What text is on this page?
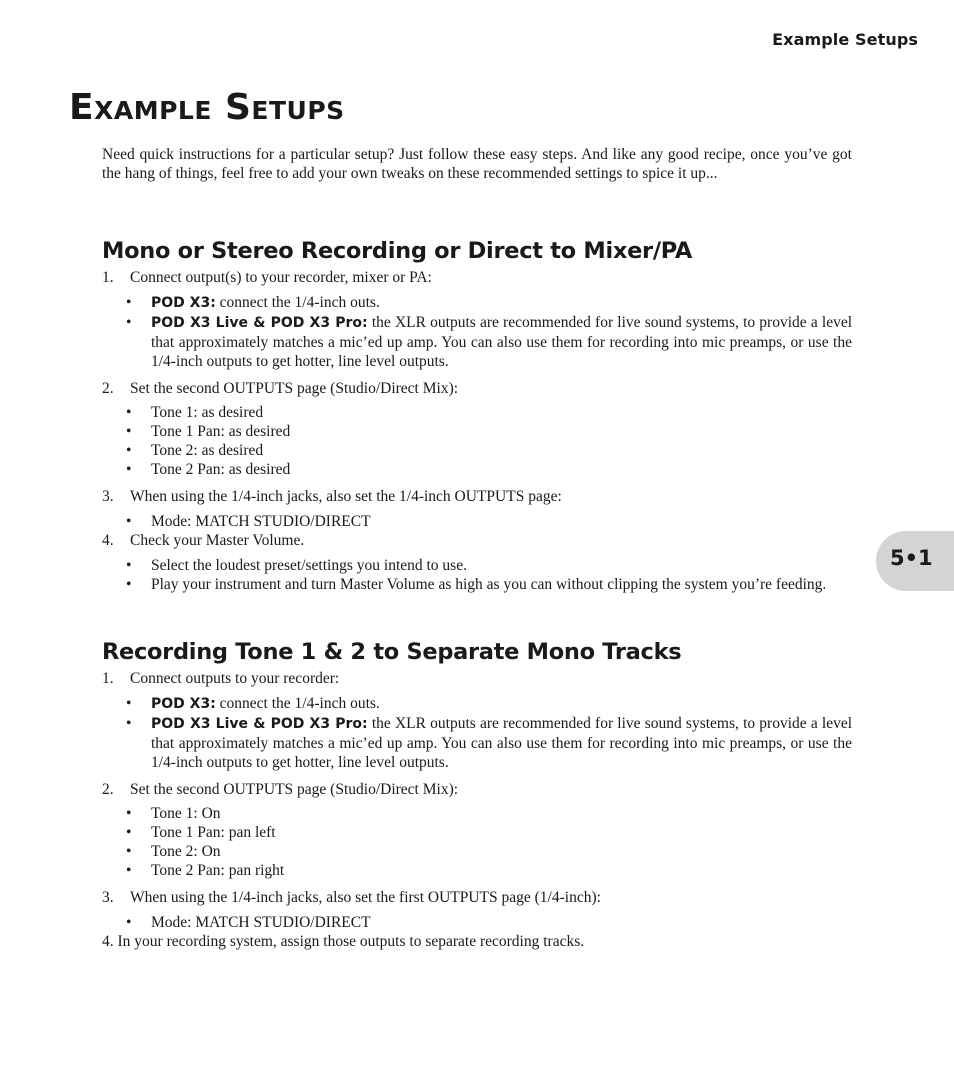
Example Setups
5•1
Example Setups

Need quick instructions for a particular setup? Just follow these easy steps. And like any good recipe, once you’ve got the hang of things, feel free to add your own tweaks on these recommended settings to spice it up...

Mono or Stereo Recording or Direct to Mixer/PA

1. Connect output(s) to your recorder, mixer or PA:

• POD X3: connect the 1/4-inch outs.
• POD X3 Live & POD X3 Pro: the XLR outputs are recommended for live sound systems, to provide a level that approximately matches a mic’ed up amp. You can also use them for recording into mic preamps, or use the 1/4-inch outputs to get hotter, line level outputs.

2. Set the second OUTPUTS page (Studio/Direct Mix):

• Tone 1: as desired
• Tone 1 Pan: as desired
• Tone 2: as desired
• Tone 2 Pan: as desired

3. When using the 1/4-inch jacks, also set the 1/4-inch OUTPUTS page:

• Mode: MATCH STUDIO/DIRECT

4. Check your Master Volume.

• Select the loudest preset/settings you intend to use.
• Play your instrument and turn Master Volume as high as you can without clipping the system you’re feeding.
Recording Tone 1 & 2 to Separate Mono Tracks

1. Connect outputs to your recorder:

• POD X3: connect the 1/4-inch outs.
• POD X3 Live & POD X3 Pro: the XLR outputs are recommended for live sound systems, to provide a level that approximately matches a mic’ed up amp. You can also use them for recording into mic preamps, or use the 1/4-inch outputs to get hotter, line level outputs.

2. Set the second OUTPUTS page (Studio/Direct Mix):

• Tone 1: On
• Tone 1 Pan: pan left
• Tone 2: On
• Tone 2 Pan: pan right

3. When using the 1/4-inch jacks, also set the first OUTPUTS page (1/4-inch):

• Mode: MATCH STUDIO/DIRECT

4. In your recording system, assign those outputs to separate recording tracks.
